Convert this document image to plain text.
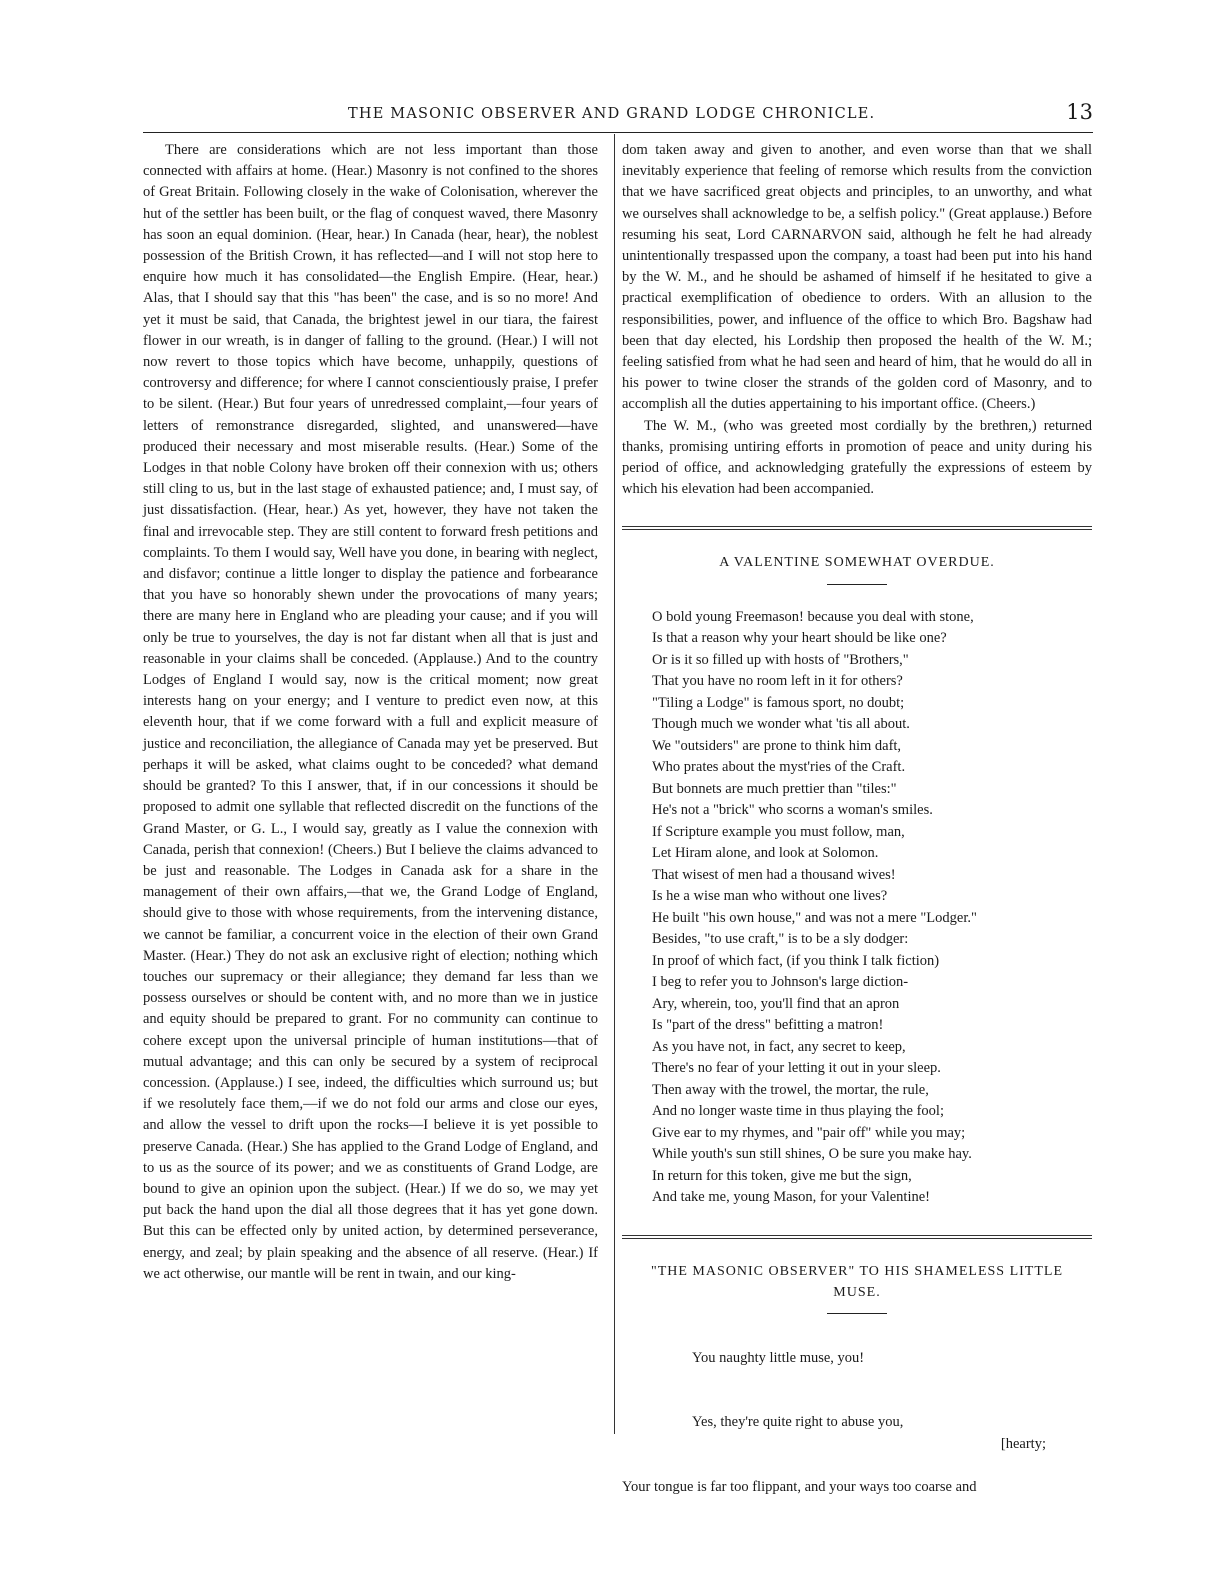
THE MASONIC OBSERVER AND GRAND LODGE CHRONICLE.	13

There are considerations which are not less important than those connected with affairs at home. (Hear.) Masonry is not confined to the shores of Great Britain. Following closely in the wake of Colonisation, wherever the hut of the settler has been built, or the flag of conquest waved, there Masonry has soon an equal dominion. (Hear, hear.) In Canada (hear, hear), the noblest possession of the British Crown, it has reflected—and I will not stop here to enquire how much it has consolidated—the English Empire. (Hear, hear.) Alas, that I should say that this "has been" the case, and is so no more! And yet it must be said, that Canada, the brightest jewel in our tiara, the fairest flower in our wreath, is in danger of falling to the ground. (Hear.) I will not now revert to those topics which have become, unhappily, questions of controversy and difference; for where I cannot conscientiously praise, I prefer to be silent. (Hear.) But four years of unredressed complaint,—four years of letters of remonstrance disregarded, slighted, and unanswered—have produced their necessary and most miserable results. (Hear.) Some of the Lodges in that noble Colony have broken off their connexion with us; others still cling to us, but in the last stage of exhausted patience; and, I must say, of just dissatisfaction. (Hear, hear.) As yet, however, they have not taken the final and irrevocable step. They are still content to forward fresh petitions and complaints. To them I would say, Well have you done, in bearing with neglect, and disfavor; continue a little longer to display the patience and forbearance that you have so honorably shewn under the provocations of many years; there are many here in England who are pleading your cause; and if you will only be true to yourselves, the day is not far distant when all that is just and reasonable in your claims shall be conceded. (Applause.) And to the country Lodges of England I would say, now is the critical moment; now great interests hang on your energy; and I venture to predict even now, at this eleventh hour, that if we come forward with a full and explicit measure of justice and reconciliation, the allegiance of Canada may yet be preserved. But perhaps it will be asked, what claims ought to be conceded? what demand should be granted? To this I answer, that, if in our concessions it should be proposed to admit one syllable that reflected discredit on the functions of the Grand Master, or G. L., I would say, greatly as I value the connexion with Canada, perish that connexion! (Cheers.) But I believe the claims advanced to be just and reasonable. The Lodges in Canada ask for a share in the management of their own affairs,—that we, the Grand Lodge of England, should give to those with whose requirements, from the intervening distance, we cannot be familiar, a concurrent voice in the election of their own Grand Master. (Hear.) They do not ask an exclusive right of election; nothing which touches our supremacy or their allegiance; they demand far less than we possess ourselves or should be content with, and no more than we in justice and equity should be prepared to grant. For no community can continue to cohere except upon the universal principle of human institutions—that of mutual advantage; and this can only be secured by a system of reciprocal concession. (Applause.) I see, indeed, the difficulties which surround us; but if we resolutely face them,—if we do not fold our arms and close our eyes, and allow the vessel to drift upon the rocks—I believe it is yet possible to preserve Canada. (Hear.) She has applied to the Grand Lodge of England, and to us as the source of its power; and we as constituents of Grand Lodge, are bound to give an opinion upon the subject. (Hear.) If we do so, we may yet put back the hand upon the dial all those degrees that it has yet gone down. But this can be effected only by united action, by determined perseverance, energy, and zeal; by plain speaking and the absence of all reserve. (Hear.) If we act otherwise, our mantle will be rent in twain, and our king-

dom taken away and given to another, and even worse than that we shall inevitably experience that feeling of remorse which results from the conviction that we have sacrificed great objects and principles, to an unworthy, and what we ourselves shall acknowledge to be, a selfish policy." (Great applause.) Before resuming his seat, Lord CARNARVON said, although he felt he had already unintentionally trespassed upon the company, a toast had been put into his hand by the W. M., and he should be ashamed of himself if he hesitated to give a practical exemplification of obedience to orders. With an allusion to the responsibilities, power, and influence of the office to which Bro. Bagshaw had been that day elected, his Lordship then proposed the health of the W. M.; feeling satisfied from what he had seen and heard of him, that he would do all in his power to twine closer the strands of the golden cord of Masonry, and to accomplish all the duties appertaining to his important office. (Cheers.)

The W. M., (who was greeted most cordially by the brethren,) returned thanks, promising untiring efforts in promotion of peace and unity during his period of office, and acknowledging gratefully the expressions of esteem by which his elevation had been accompanied.

A VALENTINE SOMEWHAT OVERDUE.
O bold young Freemason! because you deal with stone,
Is that a reason why your heart should be like one?
Or is it so filled up with hosts of "Brothers,"
That you have no room left in it for others?
"Tiling a Lodge" is famous sport, no doubt;
Though much we wonder what 'tis all about.
We "outsiders" are prone to think him daft,
Who prates about the myst'ries of the Craft.
But bonnets are much prettier than "tiles:"
He's not a "brick" who scorns a woman's smiles.
If Scripture example you must follow, man,
Let Hiram alone, and look at Solomon.
That wisest of men had a thousand wives!
Is he a wise man who without one lives?
He built "his own house," and was not a mere "Lodger."
Besides, "to use craft," is to be a sly dodger:
In proof of which fact, (if you think I talk fiction)
I beg to refer you to Johnson's large diction-
Ary, wherein, too, you'll find that an apron
Is "part of the dress" befitting a matron!
As you have not, in fact, any secret to keep,
There's no fear of your letting it out in your sleep.
Then away with the trowel, the mortar, the rule,
And no longer waste time in thus playing the fool;
Give ear to my rhymes, and "pair off" while you may;
While youth's sun still shines, O be sure you make hay.
In return for this token, give me but the sign,
And take me, young Mason, for your Valentine!
"THE MASONIC OBSERVER" TO HIS SHAMELESS LITTLE MUSE.

You naughty little muse, you!

Yes, they're quite right to abuse you,

[hearty;

Your tongue is far too flippant, and your ways too coarse and
